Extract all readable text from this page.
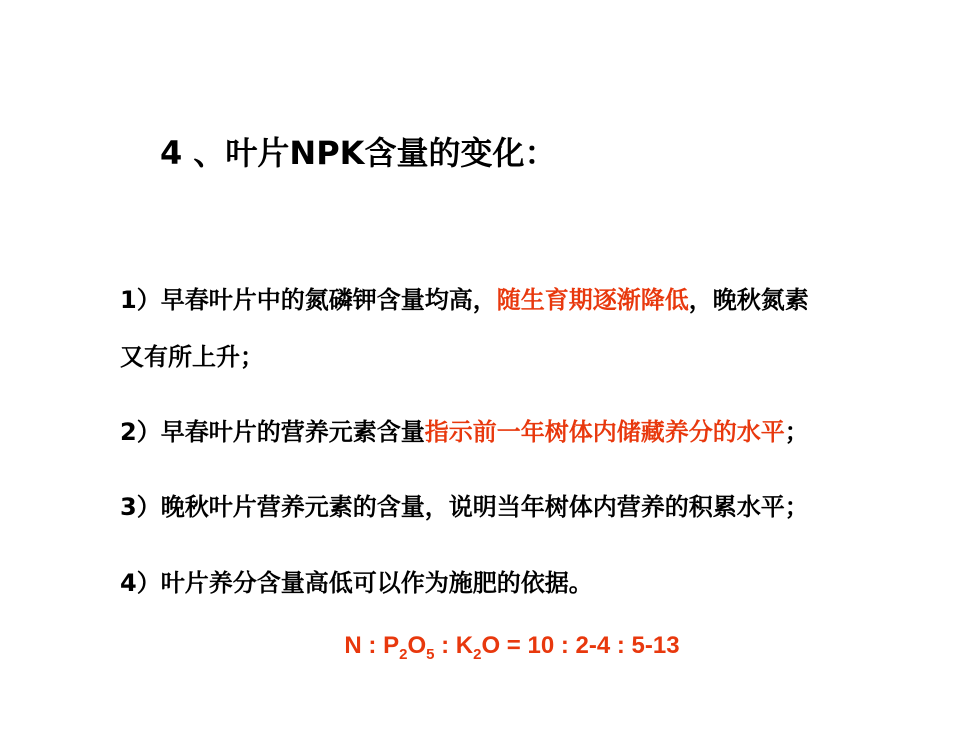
4 、叶片NPK含量的变化：
1）早春叶片中的氮磷钾含量均高，随生育期逐渐降低，晚秋氮素
又有所上升；
2）早春叶片的营养元素含量指示前一年树体内储藏养分的水平；
3）晚秋叶片营养元素的含量，说明当年树体内营养的积累水平；
4）叶片养分含量高低可以作为施肥的依据。
N : $P_2O_5$ : $K_2O = 10$ : 2-4 : 5-13
